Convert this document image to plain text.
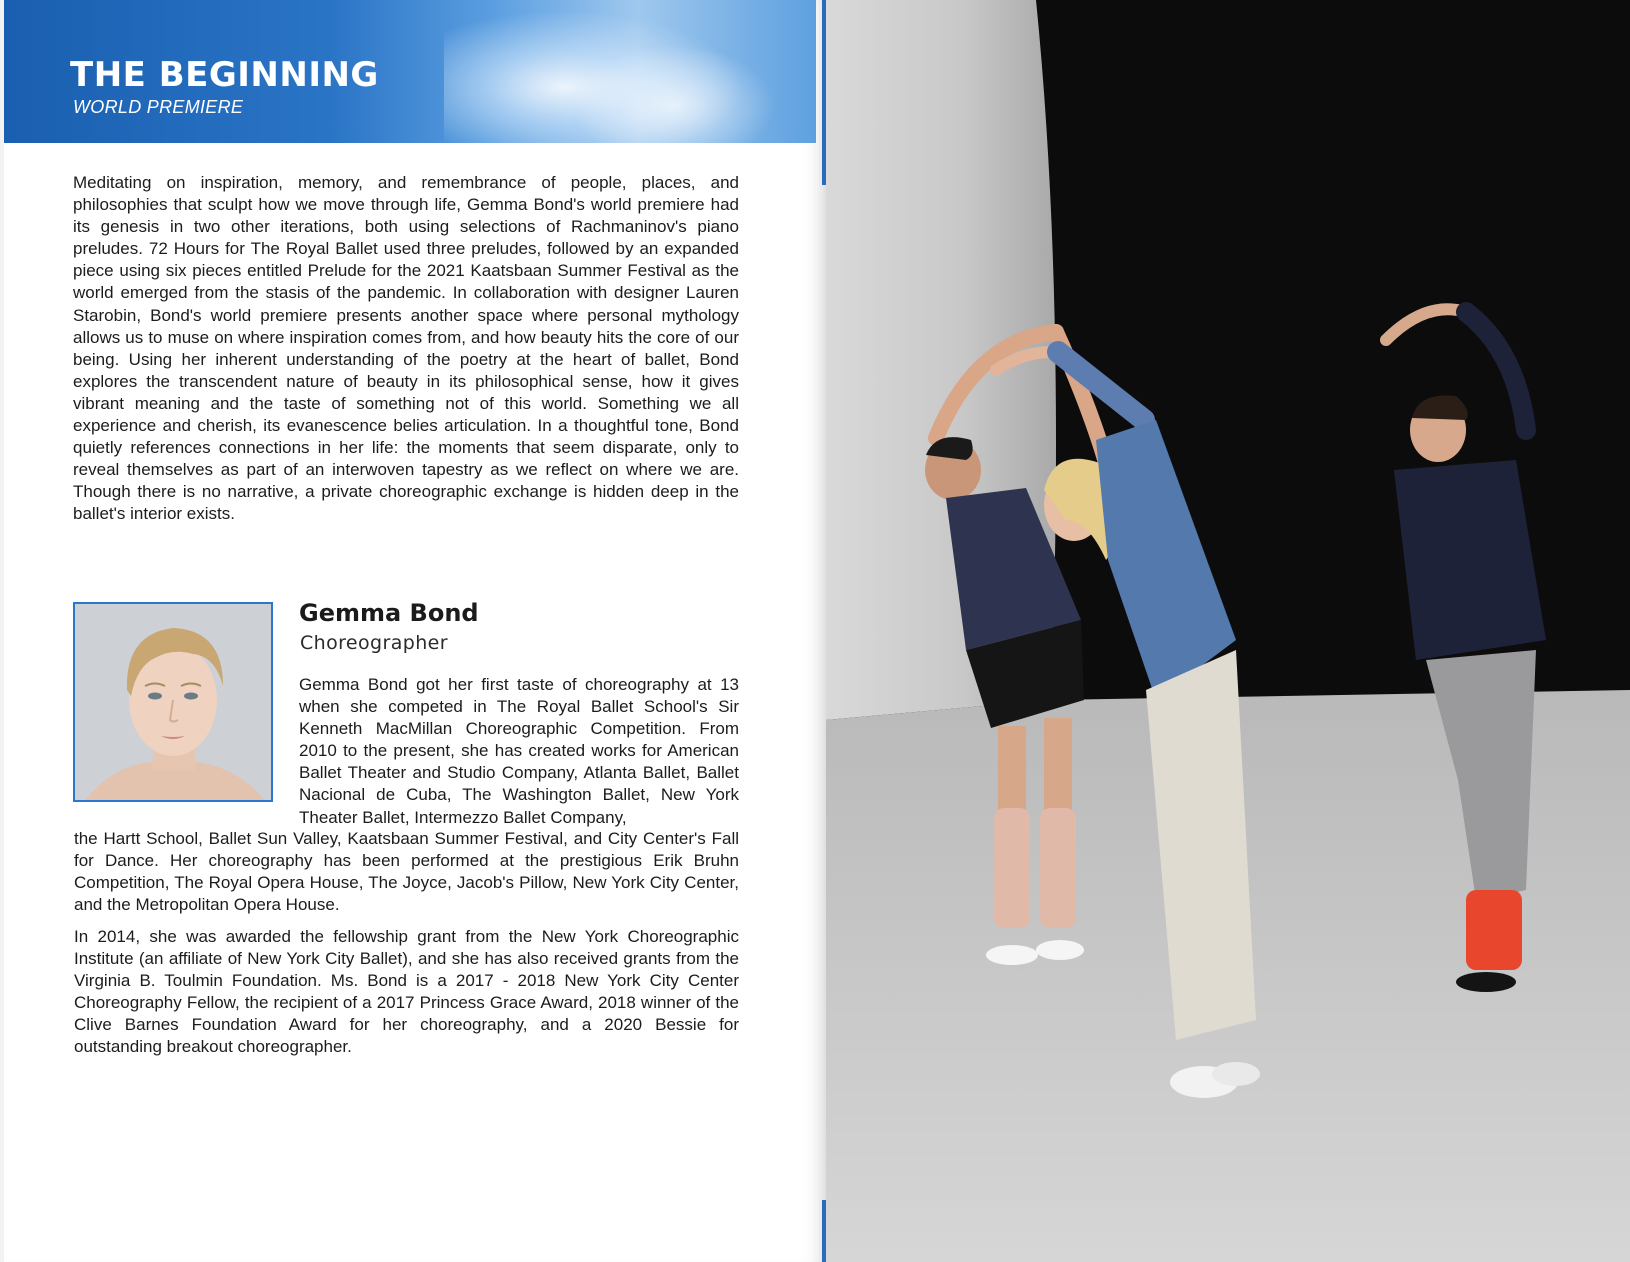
THE BEGINNING
WORLD PREMIERE

Meditating on inspiration, memory, and remembrance of people, places, and philosophies that sculpt how we move through life, Gemma Bond's world premiere had its genesis in two other iterations, both using selections of Rachmaninov's piano preludes. 72 Hours for The Royal Ballet used three preludes, followed by an expanded piece using six pieces entitled Prelude for the 2021 Kaatsbaan Summer Festival as the world emerged from the stasis of the pandemic. In collaboration with designer Lauren Starobin, Bond's world premiere presents another space where personal mythology allows us to muse on where inspiration comes from, and how beauty hits the core of our being. Using her inherent understanding of the poetry at the heart of ballet, Bond explores the transcendent nature of beauty in its philosophical sense, how it gives vibrant meaning and the taste of something not of this world. Something we all experience and cherish, its evanescence belies articulation. In a thoughtful tone, Bond quietly references connections in her life: the moments that seem disparate, only to reveal themselves as part of an interwoven tapestry as we reflect on where we are. Though there is no narrative, a private choreographic exchange is hidden deep in the ballet's interior exists.

Gemma Bond
Choreographer

Gemma Bond got her first taste of choreography at 13 when she competed in The Royal Ballet School's Sir Kenneth MacMillan Choreographic Competition. From 2010 to the present, she has created works for American Ballet Theater and Studio Company, Atlanta Ballet, Ballet Nacional de Cuba, The Washington Ballet, New York Theater Ballet, Intermezzo Ballet Company,

the Hartt School, Ballet Sun Valley, Kaatsbaan Summer Festival, and City Center's Fall for Dance. Her choreography has been performed at the prestigious Erik Bruhn Competition, The Royal Opera House, The Joyce, Jacob's Pillow, New York City Center, and the Metropolitan Opera House.

In 2014, she was awarded the fellowship grant from the New York Choreographic Institute (an affiliate of New York City Ballet), and she has also received grants from the Virginia B. Toulmin Foundation. Ms. Bond is a 2017 - 2018 New York City Center Choreography Fellow, the recipient of a 2017 Princess Grace Award, 2018 winner of the Clive Barnes Foundation Award for her choreography, and a 2020 Bessie for outstanding breakout choreographer.
